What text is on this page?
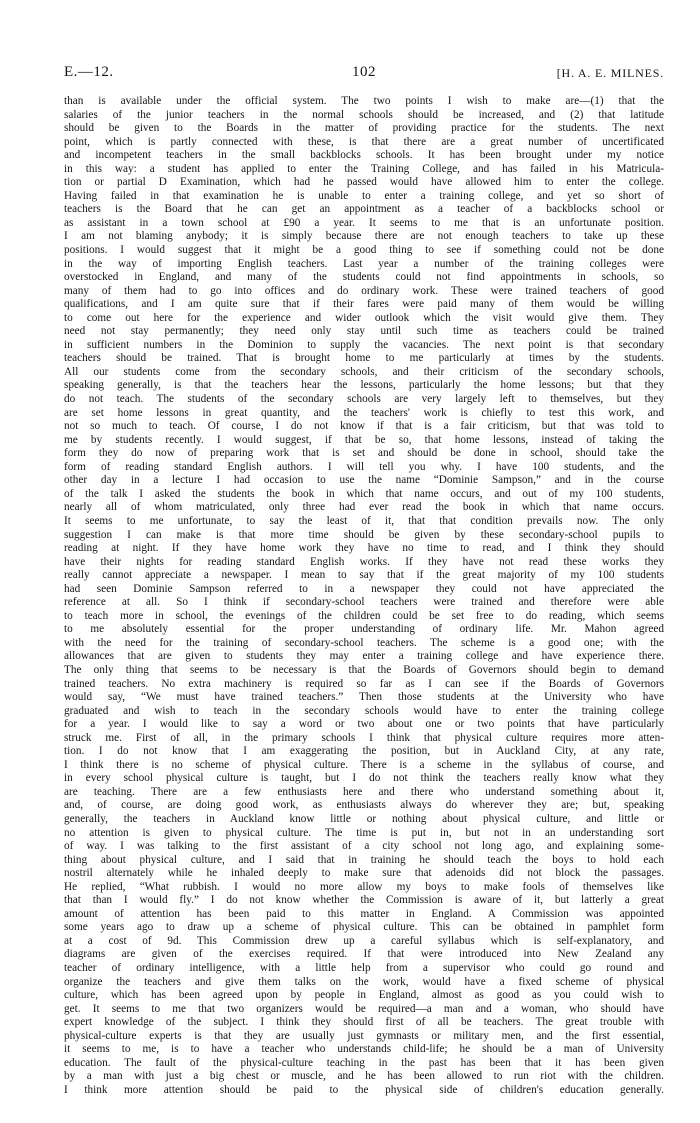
E.—12.	102	[H. A. E. MILNES.
than is available under the official system. The two points I wish to make are—(1) that the
salaries of the junior teachers in the normal schools should be increased, and (2) that latitude
should be given to the Boards in the matter of providing practice for the students. The next
point, which is partly connected with these, is that there are a great number of uncertificated
and incompetent teachers in the small backblocks schools. It has been brought under my notice
in this way: a student has applied to enter the Training College, and has failed in his Matricula-
tion or partial D Examination, which had he passed would have allowed him to enter the college.
Having failed in that examination he is unable to enter a training college, and yet so short of
teachers is the Board that he can get an appointment as a teacher of a backblocks school or
as assistant in a town school at £90 a year. It seems to me that is an unfortunate position.
I am not blaming anybody; it is simply because there are not enough teachers to take up these
positions. I would suggest that it might be a good thing to see if something could not be done
in the way of importing English teachers. Last year a number of the training colleges were
overstocked in England, and many of the students could not find appointments in schools, so
many of them had to go into offices and do ordinary work. These were trained teachers of good
qualifications, and I am quite sure that if their fares were paid many of them would be willing
to come out here for the experience and wider outlook which the visit would give them. They
need not stay permanently; they need only stay until such time as teachers could be trained
in sufficient numbers in the Dominion to supply the vacancies. The next point is that secondary
teachers should be trained. That is brought home to me particularly at times by the students.
All our students come from the secondary schools, and their criticism of the secondary schools,
speaking generally, is that the teachers hear the lessons, particularly the home lessons; but that they
do not teach. The students of the secondary schools are very largely left to themselves, but they
are set home lessons in great quantity, and the teachers' work is chiefly to test this work, and
not so much to teach. Of course, I do not know if that is a fair criticism, but that was told to
me by students recently. I would suggest, if that be so, that home lessons, instead of taking the
form they do now of preparing work that is set and should be done in school, should take the
form of reading standard English authors. I will tell you why. I have 100 students, and the
other day in a lecture I had occasion to use the name “Dominie Sampson,” and in the course
of the talk I asked the students the book in which that name occurs, and out of my 100 students,
nearly all of whom matriculated, only three had ever read the book in which that name occurs.
It seems to me unfortunate, to say the least of it, that that condition prevails now. The only
suggestion I can make is that more time should be given by these secondary-school pupils to
reading at night. If they have home work they have no time to read, and I think they should
have their nights for reading standard English works. If they have not read these works they
really cannot appreciate a newspaper. I mean to say that if the great majority of my 100 students
had seen Dominie Sampson referred to in a newspaper they could not have appreciated the
reference at all. So I think if secondary-school teachers were trained and therefore were able
to teach more in school, the evenings of the children could be set free to do reading, which seems
to me absolutely essential for the proper understanding of ordinary life. Mr. Mahon agreed
with the need for the training of secondary-school teachers. The scheme is a good one; with the
allowances that are given to students they may enter a training college and have experience there.
The only thing that seems to be necessary is that the Boards of Governors should begin to demand
trained teachers. No extra machinery is required so far as I can see if the Boards of Governors
would say, “We must have trained teachers.” Then those students at the University who have
graduated and wish to teach in the secondary schools would have to enter the training college
for a year. I would like to say a word or two about one or two points that have particularly
struck me. First of all, in the primary schools I think that physical culture requires more atten-
tion. I do not know that I am exaggerating the position, but in Auckland City, at any rate,
I think there is no scheme of physical culture. There is a scheme in the syllabus of course, and
in every school physical culture is taught, but I do not think the teachers really know what they
are teaching. There are a few enthusiasts here and there who understand something about it,
and, of course, are doing good work, as enthusiasts always do wherever they are; but, speaking
generally, the teachers in Auckland know little or nothing about physical culture, and little or
no attention is given to physical culture. The time is put in, but not in an understanding sort
of way. I was talking to the first assistant of a city school not long ago, and explaining some-
thing about physical culture, and I said that in training he should teach the boys to hold each
nostril alternately while he inhaled deeply to make sure that adenoids did not block the passages.
He replied, “What rubbish. I would no more allow my boys to make fools of themselves like
that than I would fly.” I do not know whether the Commission is aware of it, but latterly a great
amount of attention has been paid to this matter in England. A Commission was appointed
some years ago to draw up a scheme of physical culture. This can be obtained in pamphlet form
at a cost of 9d. This Commission drew up a careful syllabus which is self-explanatory, and
diagrams are given of the exercises required. If that were introduced into New Zealand any
teacher of ordinary intelligence, with a little help from a supervisor who could go round and
organize the teachers and give them talks on the work, would have a fixed scheme of physical
culture, which has been agreed upon by people in England, almost as good as you could wish to
get. It seems to me that two organizers would be required—a man and a woman, who should have
expert knowledge of the subject. I think they should first of all be teachers. The great trouble with
physical-culture experts is that they are usually just gymnasts or military men, and the first essential,
it seems to me, is to have a teacher who understands child-life; he should be a man of University
education. The fault of the physical-culture teaching in the past has been that it has been given
by a man with just a big chest or muscle, and he has been allowed to run riot with the children.
I think more attention should be paid to the physical side of children's education generally.
